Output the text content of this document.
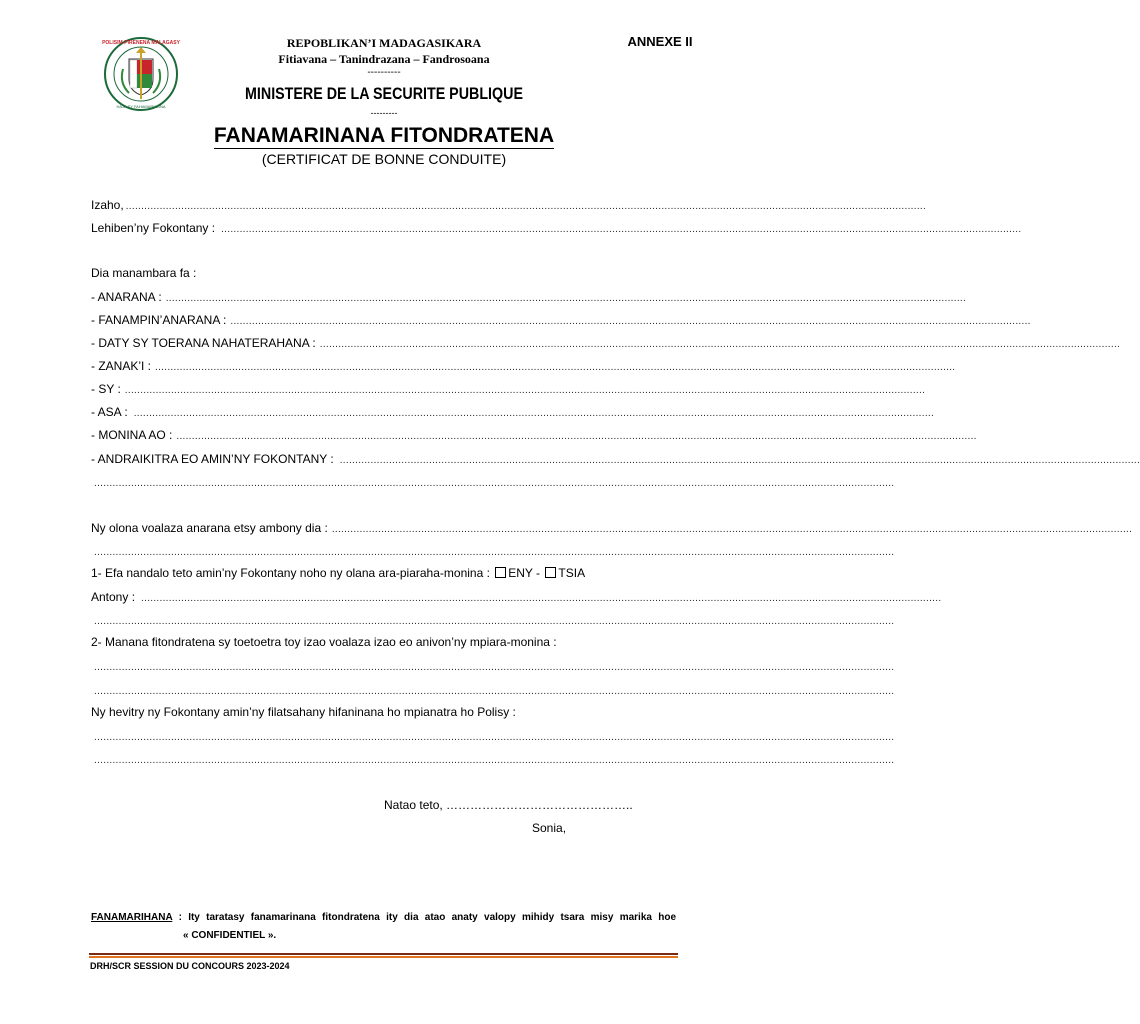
POLISIM-PIRENENA MALAGASY
HAJA SY FAHAMARINANA
ANNEXE II
REPOBLIKAN’I MADAGASIKARA
Fitiavana – Tanindrazana – Fandrosoana
----------
MINISTERE DE LA SECURITE PUBLIQUE
---------
FANAMARINANA FITONDRATENA
(CERTIFICAT DE BONNE CONDUITE)
Izaho, ....................................................................................................................................................................................................................................................................
Lehiben’ny Fokontany : ....................................................................................................................................................................................................................................................................
Dia manambara fa :
- ANARANA : ....................................................................................................................................................................................................................................................................
- FANAMPIN’ANARANA : ....................................................................................................................................................................................................................................................................
- DATY SY TOERANA NAHATERAHANA : ....................................................................................................................................................................................................................................................................
- ZANAK’I : ....................................................................................................................................................................................................................................................................
- SY : ....................................................................................................................................................................................................................................................................
- ASA : ....................................................................................................................................................................................................................................................................
- MONINA AO : ....................................................................................................................................................................................................................................................................
- ANDRAIKITRA EO AMIN’NY FOKONTANY : ....................................................................................................................................................................................................................................................................
....................................................................................................................................................................................................................................................................
Ny olona voalaza anarana etsy ambony dia : ....................................................................................................................................................................................................................................................................
....................................................................................................................................................................................................................................................................
1- Efa nandalo teto amin’ny Fokontany noho ny olana ara-piaraha-monina : ENY - TSIA
Antony : ....................................................................................................................................................................................................................................................................
....................................................................................................................................................................................................................................................................
2- Manana fitondratena sy toetoetra toy izao voalaza izao eo anivon’ny mpiara-monina :
....................................................................................................................................................................................................................................................................
....................................................................................................................................................................................................................................................................
Ny hevitry ny Fokontany amin’ny filatsahany hifaninana ho mpianatra ho Polisy :
....................................................................................................................................................................................................................................................................
....................................................................................................................................................................................................................................................................
Natao teto, ………………………………………..
Sonia,
FANAMARIHANA : Ity taratasy fanamarinana fitondratena ity dia atao anaty valopy mihidy tsara misy marika hoe
« CONFIDENTIEL ».
DRH/SCR SESSION DU CONCOURS 2023-2024
